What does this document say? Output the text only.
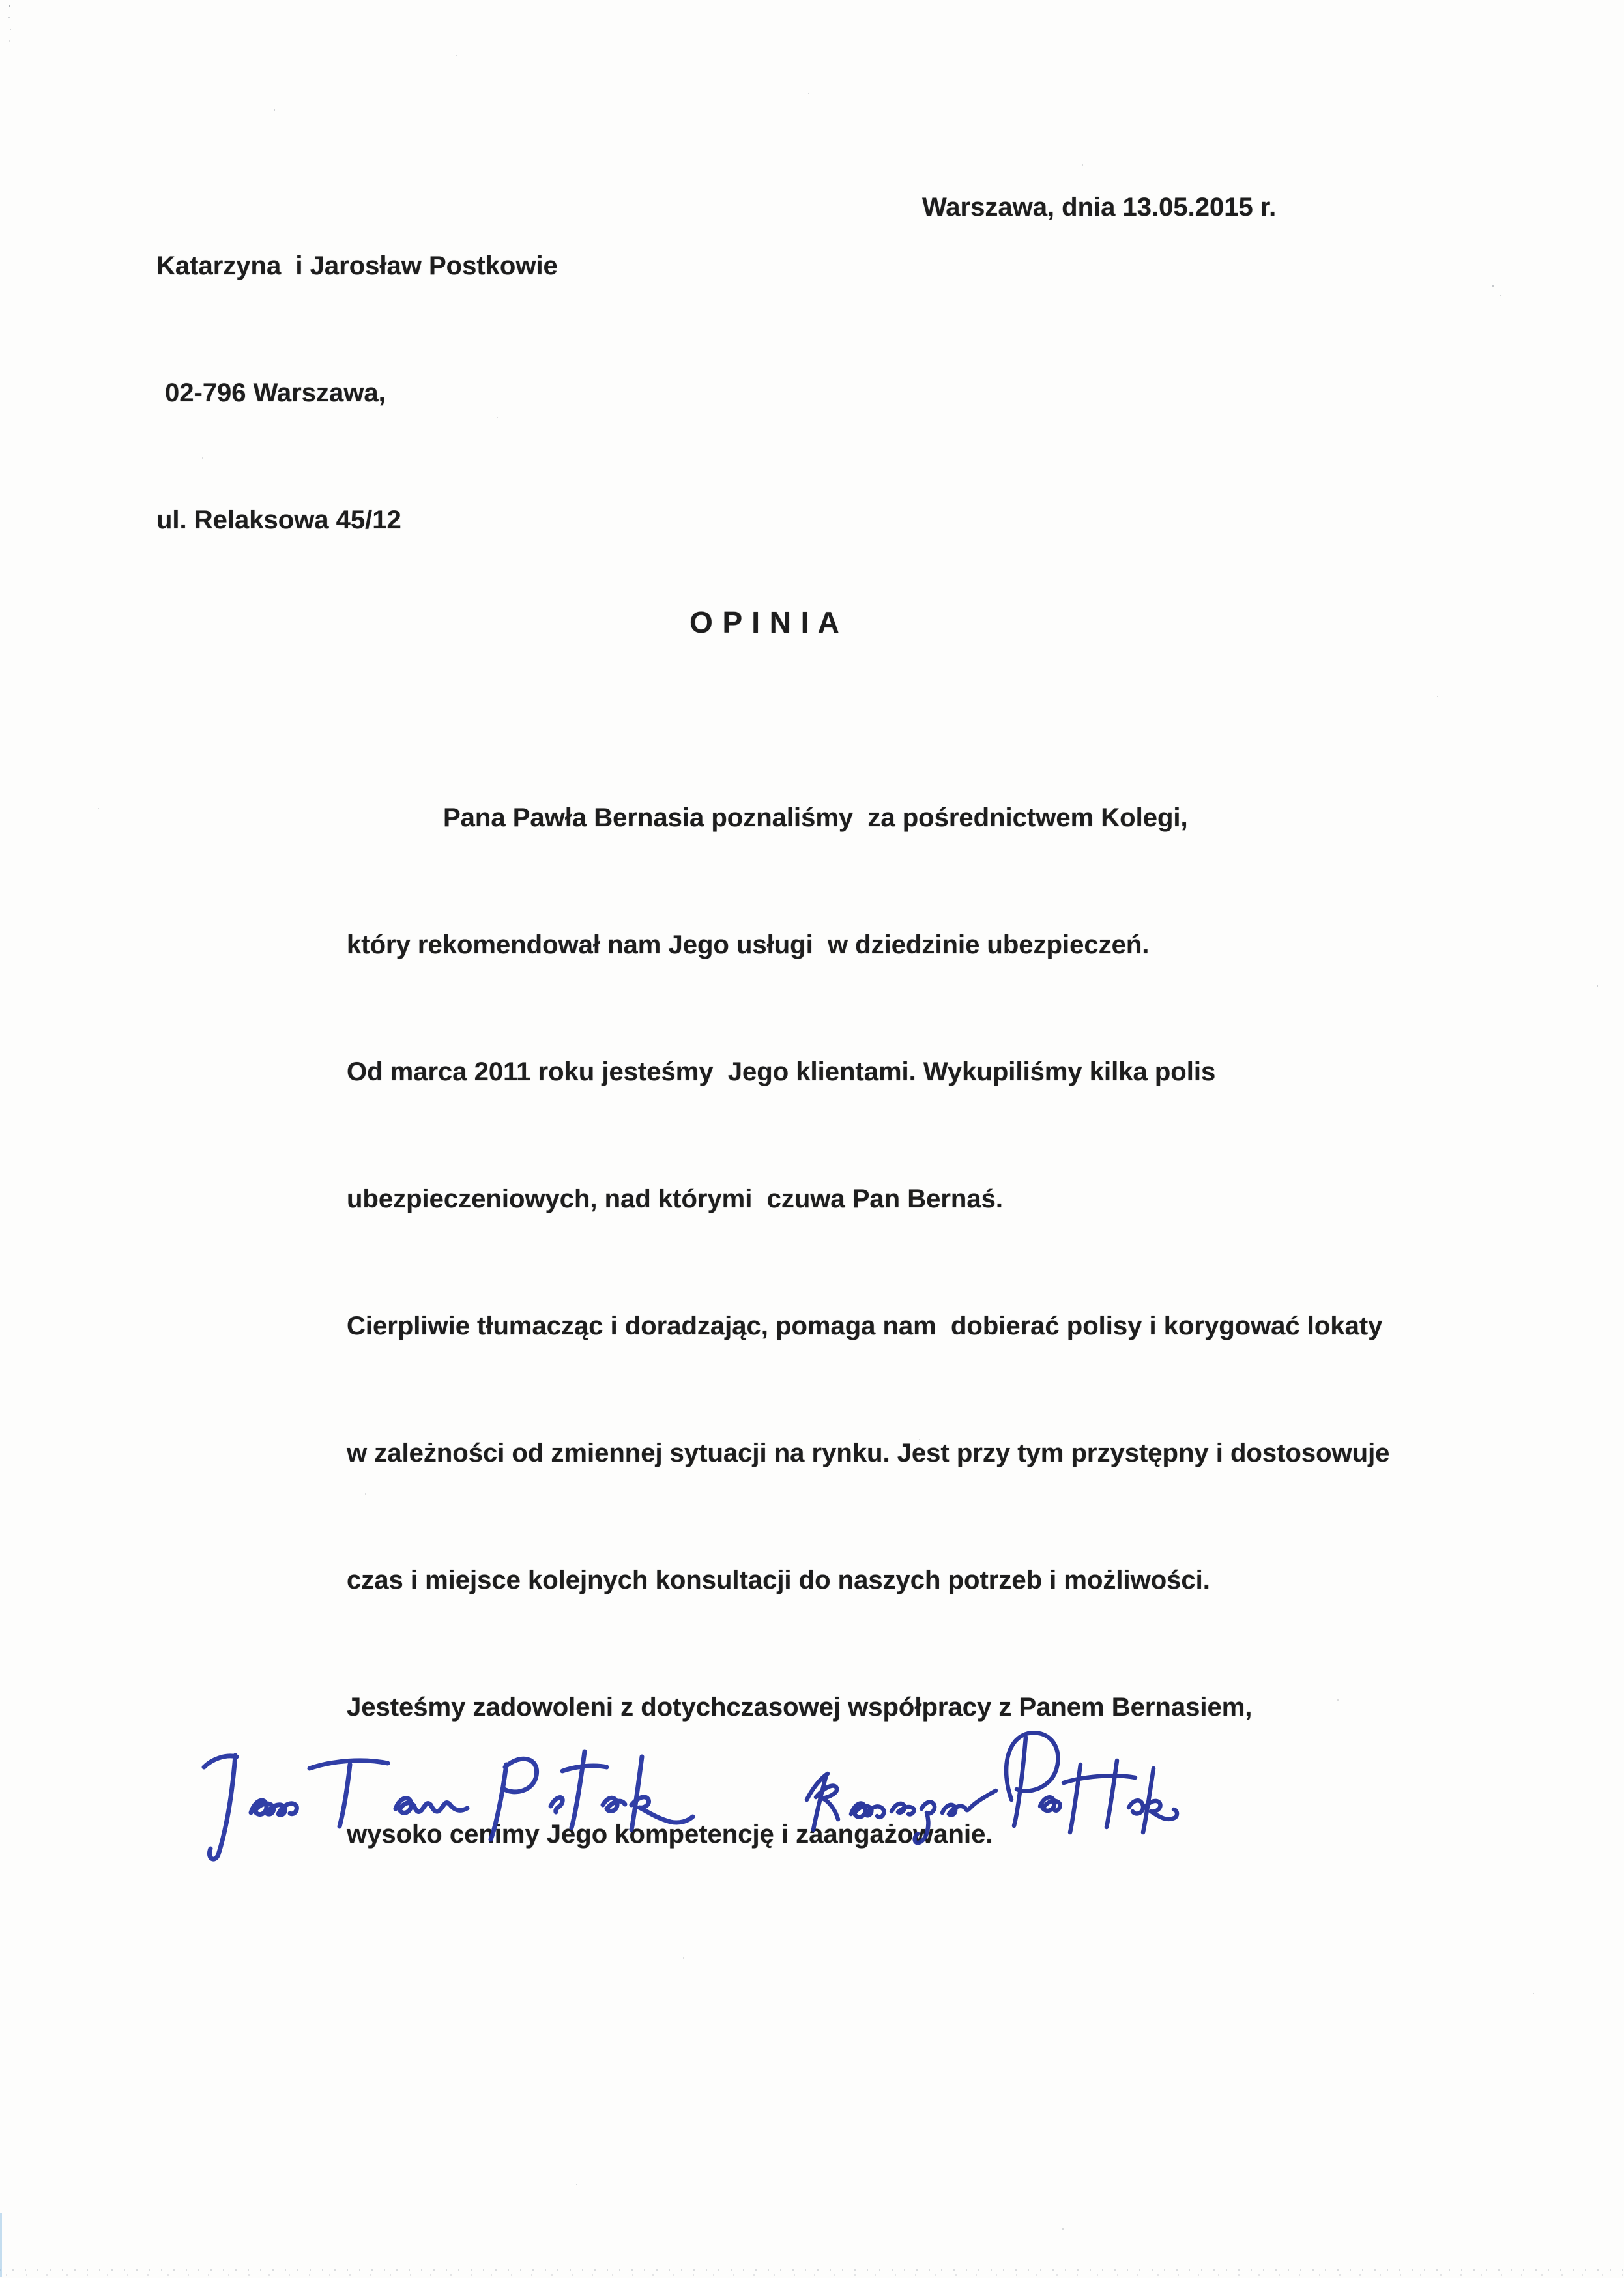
Katarzyna  i Jarosław Postkowie

02-796 Warszawa,

ul. Relaksowa 45/12

Warszawa, dnia 13.05.2015 r.
O P I N I A

Pana Pawła Bernasia poznaliśmy  za pośrednictwem Kolegi,

który rekomendował nam Jego usługi  w dziedzinie ubezpieczeń.

Od marca 2011 roku jesteśmy  Jego klientami. Wykupiliśmy kilka polis

ubezpieczeniowych, nad którymi  czuwa Pan Bernaś.

Cierpliwie tłumacząc i doradzając, pomaga nam  dobierać polisy i korygować lokaty

w zależności od zmiennej sytuacji na rynku. Jest przy tym przystępny i dostosowuje

czas i miejsce kolejnych konsultacji do naszych potrzeb i możliwości.

Jesteśmy zadowoleni z dotychczasowej współpracy z Panem Bernasiem,

wysoko cenimy Jego kompetencję i zaangażowanie.
